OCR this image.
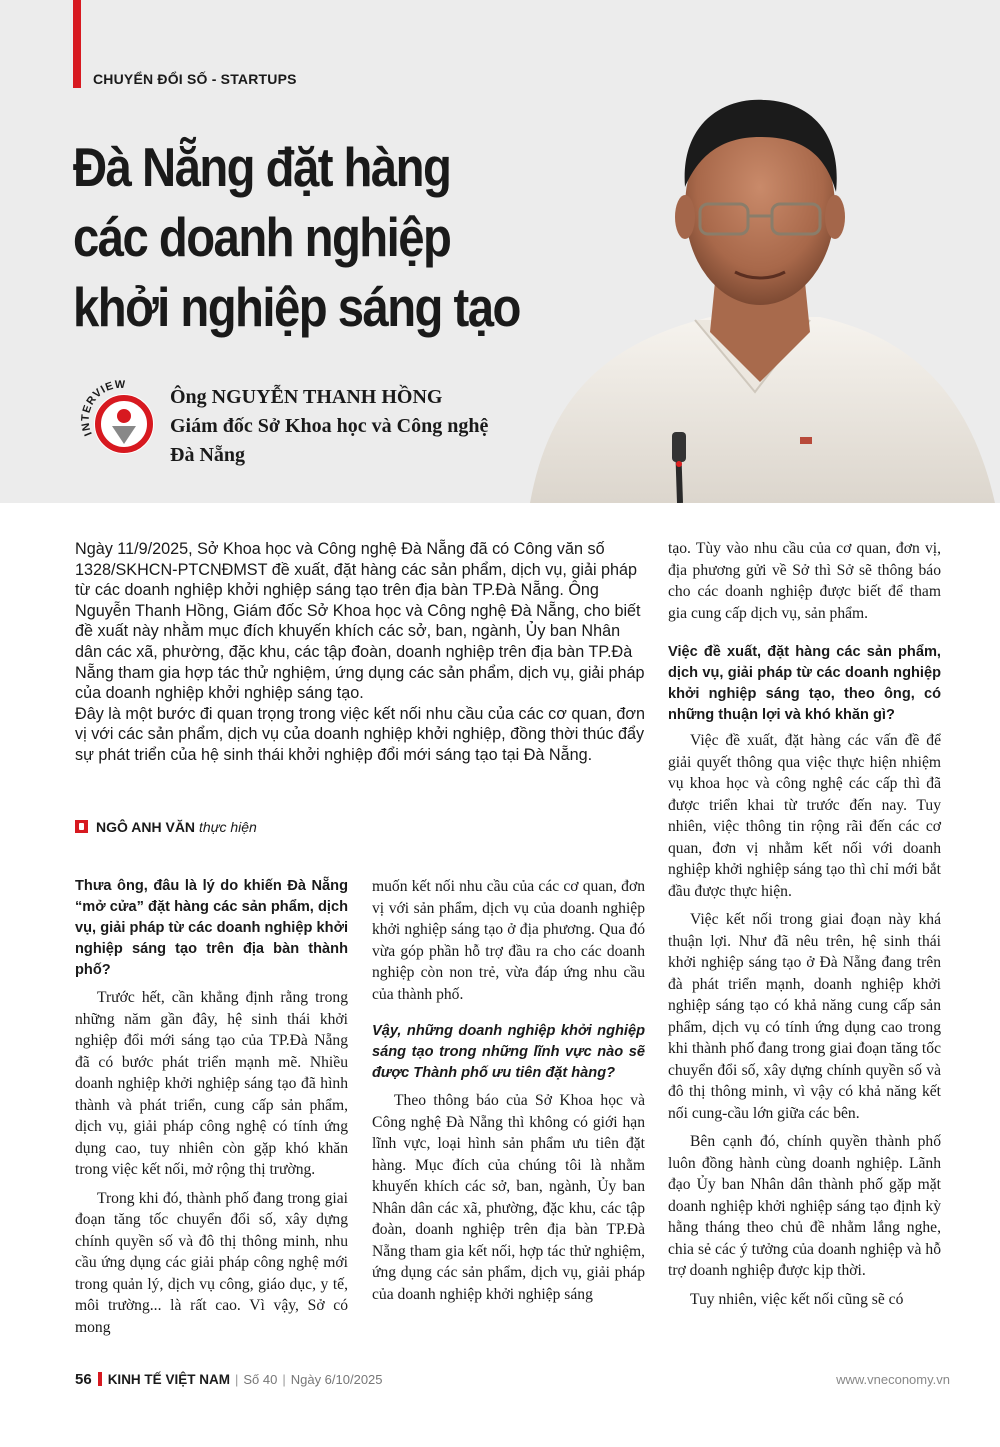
CHUYỂN ĐỔI SỐ - STARTUPS
Đà Nẵng đặt hàng
các doanh nghiệp
khởi nghiệp sáng tạo
INTERVIEW
Ông NGUYỄN THANH HỒNG
Giám đốc Sở Khoa học và Công nghệ
Đà Nẵng

Ngày 11/9/2025, Sở Khoa học và Công nghệ Đà Nẵng đã có Công văn số 1328/SKHCN-PTCNĐMST đề xuất, đặt hàng các sản phẩm, dịch vụ, giải pháp từ các doanh nghiệp khởi nghiệp sáng tạo trên địa bàn TP.Đà Nẵng. Ông Nguyễn Thanh Hồng, Giám đốc Sở Khoa học và Công nghệ Đà Nẵng, cho biết đề xuất này nhằm mục đích khuyến khích các sở, ban, ngành, Ủy ban Nhân dân các xã, phường, đặc khu, các tập đoàn, doanh nghiệp trên địa bàn TP.Đà Nẵng tham gia hợp tác thử nghiệm, ứng dụng các sản phẩm, dịch vụ, giải pháp của doanh nghiệp khởi nghiệp sáng tạo.

Đây là một bước đi quan trọng trong việc kết nối nhu cầu của các cơ quan, đơn vị với các sản phẩm, dịch vụ của doanh nghiệp khởi nghiệp, đồng thời thúc đẩy sự phát triển của hệ sinh thái khởi nghiệp đổi mới sáng tạo tại Đà Nẵng.

NGÔ ANH VĂN thực hiện
Thưa ông, đâu là lý do khiến Đà Nẵng “mở cửa” đặt hàng các sản phẩm, dịch vụ, giải pháp từ các doanh nghiệp khởi nghiệp sáng tạo trên địa bàn thành phố?

Trước hết, cần khẳng định rằng trong những năm gần đây, hệ sinh thái khởi nghiệp đổi mới sáng tạo của TP.Đà Nẵng đã có bước phát triển mạnh mẽ. Nhiều doanh nghiệp khởi nghiệp sáng tạo đã hình thành và phát triển, cung cấp sản phẩm, dịch vụ, giải pháp công nghệ có tính ứng dụng cao, tuy nhiên còn gặp khó khăn trong việc kết nối, mở rộng thị trường.

Trong khi đó, thành phố đang trong giai đoạn tăng tốc chuyển đổi số, xây dựng chính quyền số và đô thị thông minh, nhu cầu ứng dụng các giải pháp công nghệ mới trong quản lý, dịch vụ công, giáo dục, y tế, môi trường... là rất cao. Vì vậy, Sở có mong

muốn kết nối nhu cầu của các cơ quan, đơn vị với sản phẩm, dịch vụ của doanh nghiệp khởi nghiệp sáng tạo ở địa phương. Qua đó vừa góp phần hỗ trợ đầu ra cho các doanh nghiệp còn non trẻ, vừa đáp ứng nhu cầu của thành phố.

Vậy, những doanh nghiệp khởi nghiệp sáng tạo trong những lĩnh vực nào sẽ được Thành phố ưu tiên đặt hàng?

Theo thông báo của Sở Khoa học và Công nghệ Đà Nẵng thì không có giới hạn lĩnh vực, loại hình sản phẩm ưu tiên đặt hàng. Mục đích của chúng tôi là nhằm khuyến khích các sở, ban, ngành, Ủy ban Nhân dân các xã, phường, đặc khu, các tập đoàn, doanh nghiệp trên địa bàn TP.Đà Nẵng tham gia kết nối, hợp tác thử nghiệm, ứng dụng các sản phẩm, dịch vụ, giải pháp của doanh nghiệp khởi nghiệp sáng

tạo. Tùy vào nhu cầu của cơ quan, đơn vị, địa phương gửi về Sở thì Sở sẽ thông báo cho các doanh nghiệp được biết để tham gia cung cấp dịch vụ, sản phẩm.

Việc đề xuất, đặt hàng các sản phẩm, dịch vụ, giải pháp từ các doanh nghiệp khởi nghiệp sáng tạo, theo ông, có những thuận lợi và khó khăn gì?

Việc đề xuất, đặt hàng các vấn đề để giải quyết thông qua việc thực hiện nhiệm vụ khoa học và công nghệ các cấp thì đã được triển khai từ trước đến nay. Tuy nhiên, việc thông tin rộng rãi đến các cơ quan, đơn vị nhằm kết nối với doanh nghiệp khởi nghiệp sáng tạo thì chỉ mới bắt đầu được thực hiện.

Việc kết nối trong giai đoạn này khá thuận lợi. Như đã nêu trên, hệ sinh thái khởi nghiệp sáng tạo ở Đà Nẵng đang trên đà phát triển mạnh, doanh nghiệp khởi nghiệp sáng tạo có khả năng cung cấp sản phẩm, dịch vụ có tính ứng dụng cao trong khi thành phố đang trong giai đoạn tăng tốc chuyển đổi số, xây dựng chính quyền số và đô thị thông minh, vì vậy có khả năng kết nối cung-cầu lớn giữa các bên.

Bên cạnh đó, chính quyền thành phố luôn đồng hành cùng doanh nghiệp. Lãnh đạo Ủy ban Nhân dân thành phố gặp mặt doanh nghiệp khởi nghiệp sáng tạo định kỳ hằng tháng theo chủ đề nhằm lắng nghe, chia sẻ các ý tưởng của doanh nghiệp và hỗ trợ doanh nghiệp được kịp thời.

Tuy nhiên, việc kết nối cũng sẽ có

56 KINH TẾ VIỆT NAM | Số 40 | Ngày 6/10/2025	www.vneconomy.vn
